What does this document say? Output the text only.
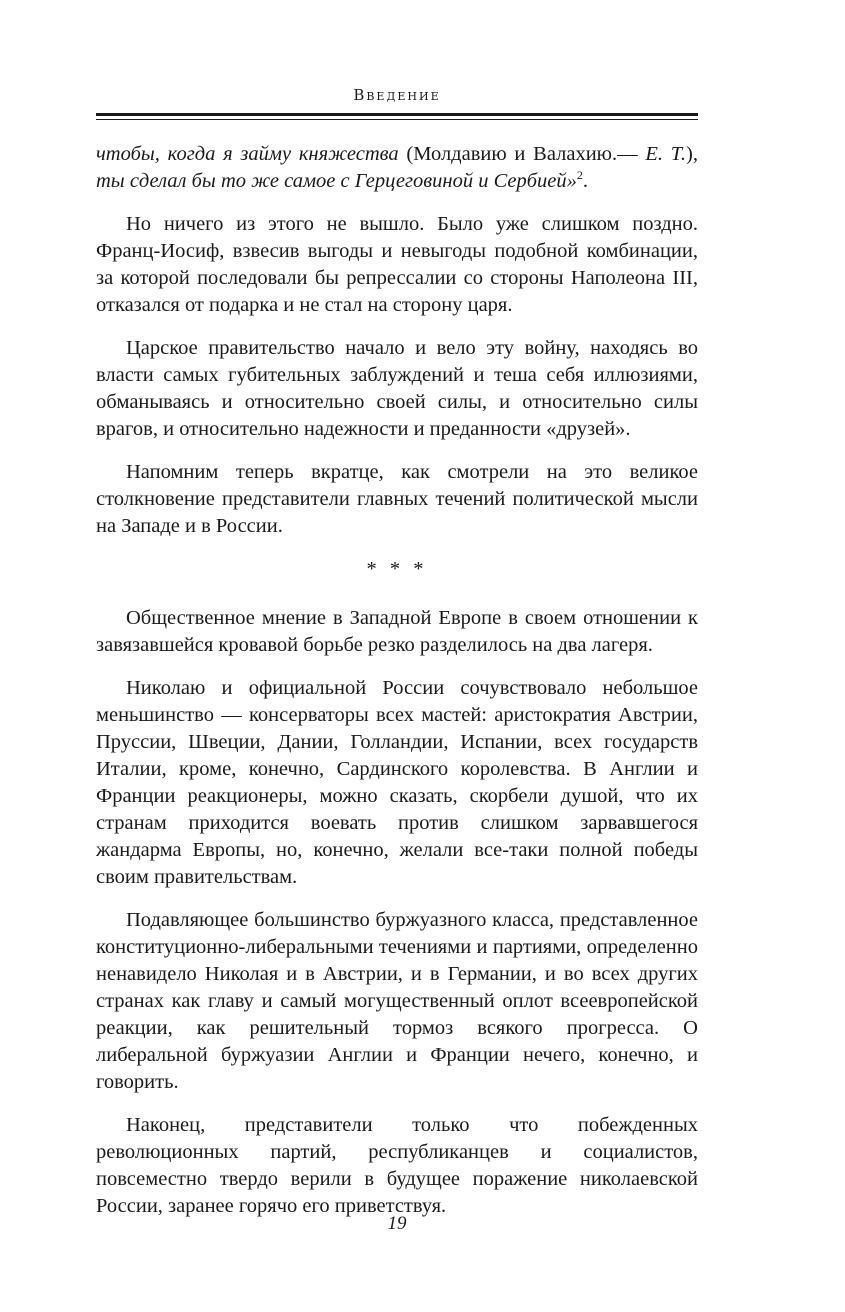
Введение

чтобы, когда я займу княжества (Молдавию и Валахию.— Е. Т.), ты сделал бы то же самое с Герцеговиной и Сербией»$^2$.

Но ничего из этого не вышло. Было уже слишком поздно. Франц-Иосиф, взвесив выгоды и невыгоды подобной комбинации, за которой последовали бы репрессалии со стороны Наполеона III, отказался от подарка и не стал на сторону царя.

Царское правительство начало и вело эту войну, находясь во власти самых губительных заблуждений и теша себя иллюзиями, обманываясь и относительно своей силы, и относительно силы врагов, и относительно надежности и преданности «друзей».

Напомним теперь вкратце, как смотрели на это великое столкновение представители главных течений политической мысли на Западе и в России.

* * *

Общественное мнение в Западной Европе в своем отношении к завязавшейся кровавой борьбе резко разделилось на два лагеря.

Николаю и официальной России сочувствовало небольшое меньшинство — консерваторы всех мастей: аристократия Австрии, Пруссии, Швеции, Дании, Голландии, Испании, всех государств Италии, кроме, конечно, Сардинского королевства. В Англии и Франции реакционеры, можно сказать, скорбели душой, что их странам приходится воевать против слишком зарвавшегося жандарма Европы, но, конечно, желали все-таки полной победы своим правительствам.

Подавляющее большинство буржуазного класса, представленное конституционно-либеральными течениями и партиями, определенно ненавидело Николая и в Австрии, и в Германии, и во всех других странах как главу и самый могущественный оплот всеевропейской реакции, как решительный тормоз всякого прогресса. О либеральной буржуазии Англии и Франции нечего, конечно, и говорить.

Наконец, представители только что побежденных революционных партий, республиканцев и социалистов, повсеместно твердо верили в будущее поражение николаевской России, заранее горячо его приветствуя.

19
